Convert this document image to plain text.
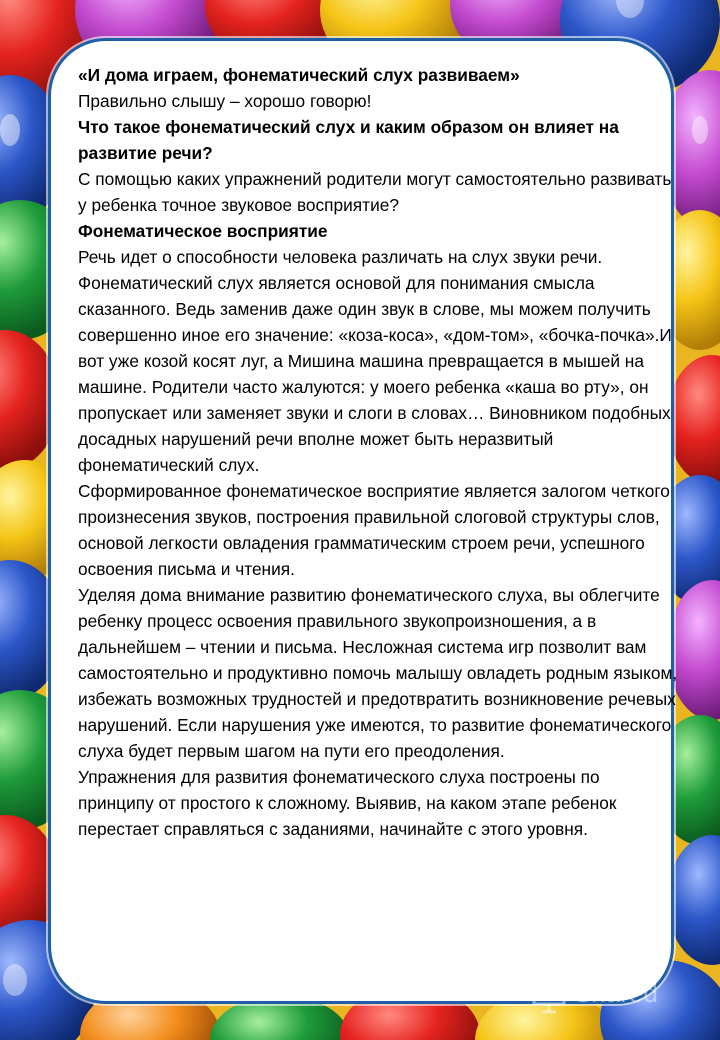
«И дома играем, фонематический слух развиваем»

Правильно слышу – хорошо говорю!

Что такое фонематический слух и каким образом он влияет на развитие речи?

С помощью каких упражнений родители могут самостоятельно развивать у ребенка точное звуковое восприятие?

Фонематическое восприятие

Речь идет о способности человека различать на слух звуки речи. Фонематический слух является основой для понимания смысла сказанного. Ведь заменив даже один звук в слове, мы можем получить совершенно иное его значение: «коза-коса», «дом-том», «бочка-почка».И вот уже козой косят луг, а Мишина машина превращается в мышей на машине. Родители часто жалуются: у моего ребенка «каша во рту», он пропускает или заменяет звуки и слоги в словах… Виновником подобных досадных нарушений речи вполне может быть неразвитый фонематический слух.

Сформированное фонематическое восприятие является залогом четкого произнесения звуков, построения правильной слоговой структуры слов, основой легкости овладения грамматическим строем речи, успешного освоения письма и чтения.

Уделяя дома внимание развитию фонематического слуха, вы облегчите ребенку процесс освоения правильного звукопроизношения, а в дальнейшем – чтении и письма. Несложная система игр позволит вам самостоятельно и продуктивно помочь малышу овладеть родным языком, избежать возможных трудностей и предотвратить возникновение речевых нарушений. Если нарушения уже имеются, то развитие фонематического слуха будет первым шагом на пути его преодоления.

Упражнения для развития фонематического слуха построены по принципу от простого к сложному. Выявив, на каком этапе ребенок перестает справляться с заданиями, начинайте с этого уровня.

Shared
